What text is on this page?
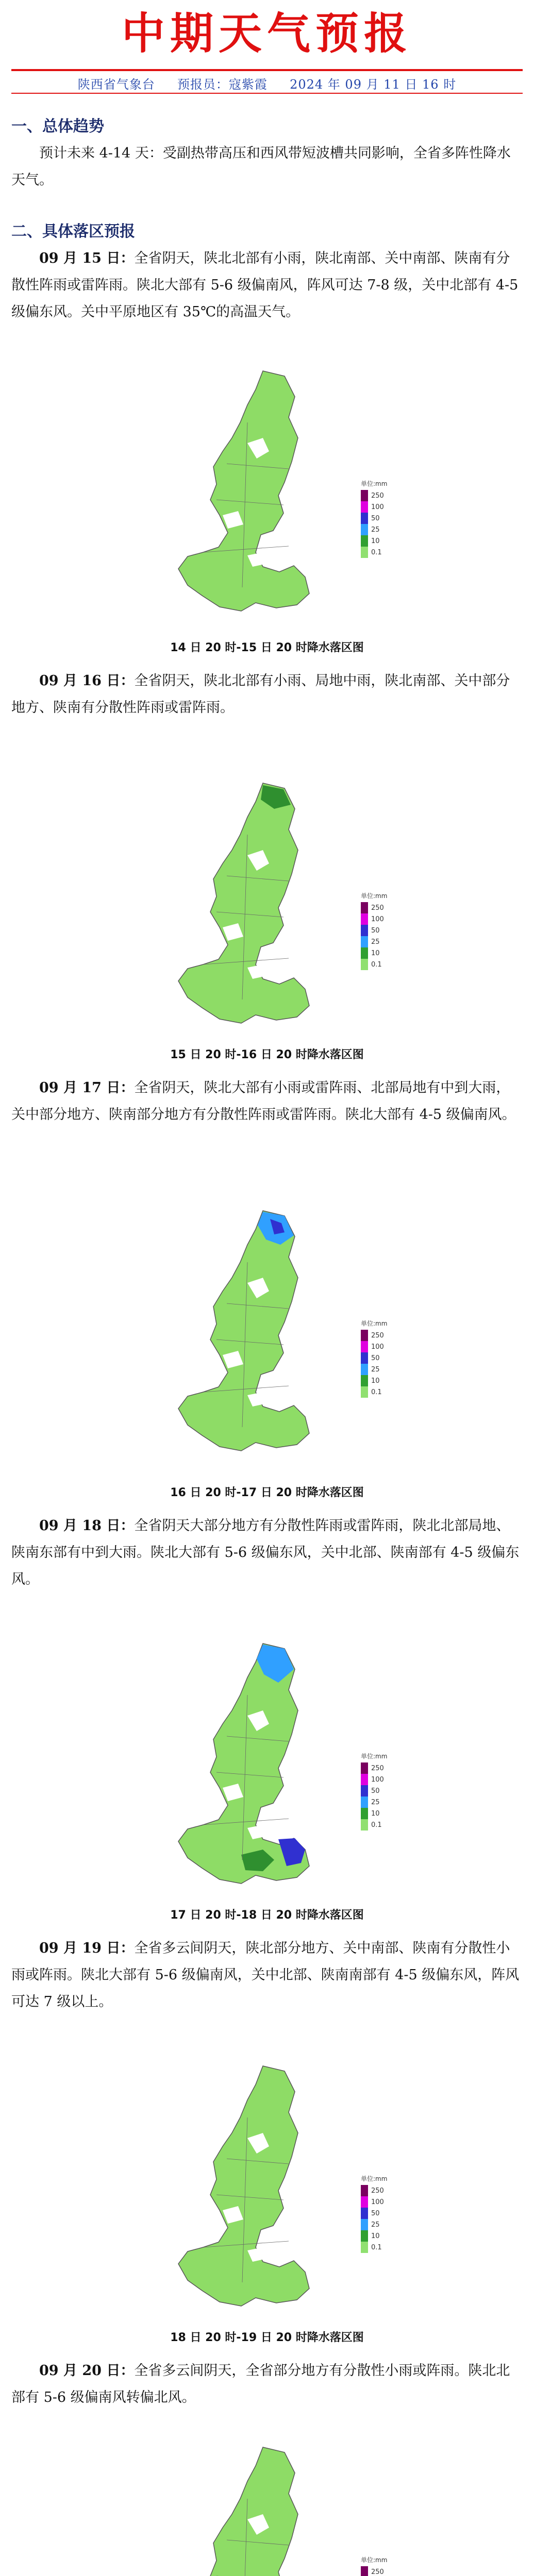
中期天气预报
陕西省气象台 预报员：寇紫霞 2024 年 09 月 11 日 16 时
一、总体趋势
预计未来 4-14 天：受副热带高压和西风带短波槽共同影响，全省多阵性降水天气。
二、具体落区预报
09 月 15 日：全省阴天，陕北北部有小雨，陕北南部、关中南部、陕南有分散性阵雨或雷阵雨。陕北大部有 5-6 级偏南风，阵风可达 7-8 级，关中北部有 4-5 级偏东风。关中平原地区有 35℃的高温天气。
单位:mm
250
100
50
25
10
0.1
14 日 20 时-15 日 20 时降水落区图
09 月 16 日：全省阴天，陕北北部有小雨、局地中雨，陕北南部、关中部分地方、陕南有分散性阵雨或雷阵雨。
单位:mm
250
100
50
25
10
0.1
15 日 20 时-16 日 20 时降水落区图
09 月 17 日：全省阴天，陕北大部有小雨或雷阵雨、北部局地有中到大雨，关中部分地方、陕南部分地方有分散性阵雨或雷阵雨。陕北大部有 4-5 级偏南风。
单位:mm
250
100
50
25
10
0.1
16 日 20 时-17 日 20 时降水落区图
09 月 18 日：全省阴天大部分地方有分散性阵雨或雷阵雨，陕北北部局地、陕南东部有中到大雨。陕北大部有 5-6 级偏东风，关中北部、陕南部有 4-5 级偏东风。
单位:mm
250
100
50
25
10
0.1
17 日 20 时-18 日 20 时降水落区图
09 月 19 日：全省多云间阴天，陕北部分地方、关中南部、陕南有分散性小雨或阵雨。陕北大部有 5-6 级偏南风，关中北部、陕南南部有 4-5 级偏东风，阵风可达 7 级以上。
单位:mm
250
100
50
25
10
0.1
18 日 20 时-19 日 20 时降水落区图
09 月 20 日：全省多云间阴天，全省部分地方有分散性小雨或阵雨。陕北北部有 5-6 级偏南风转偏北风。
单位:mm
250
